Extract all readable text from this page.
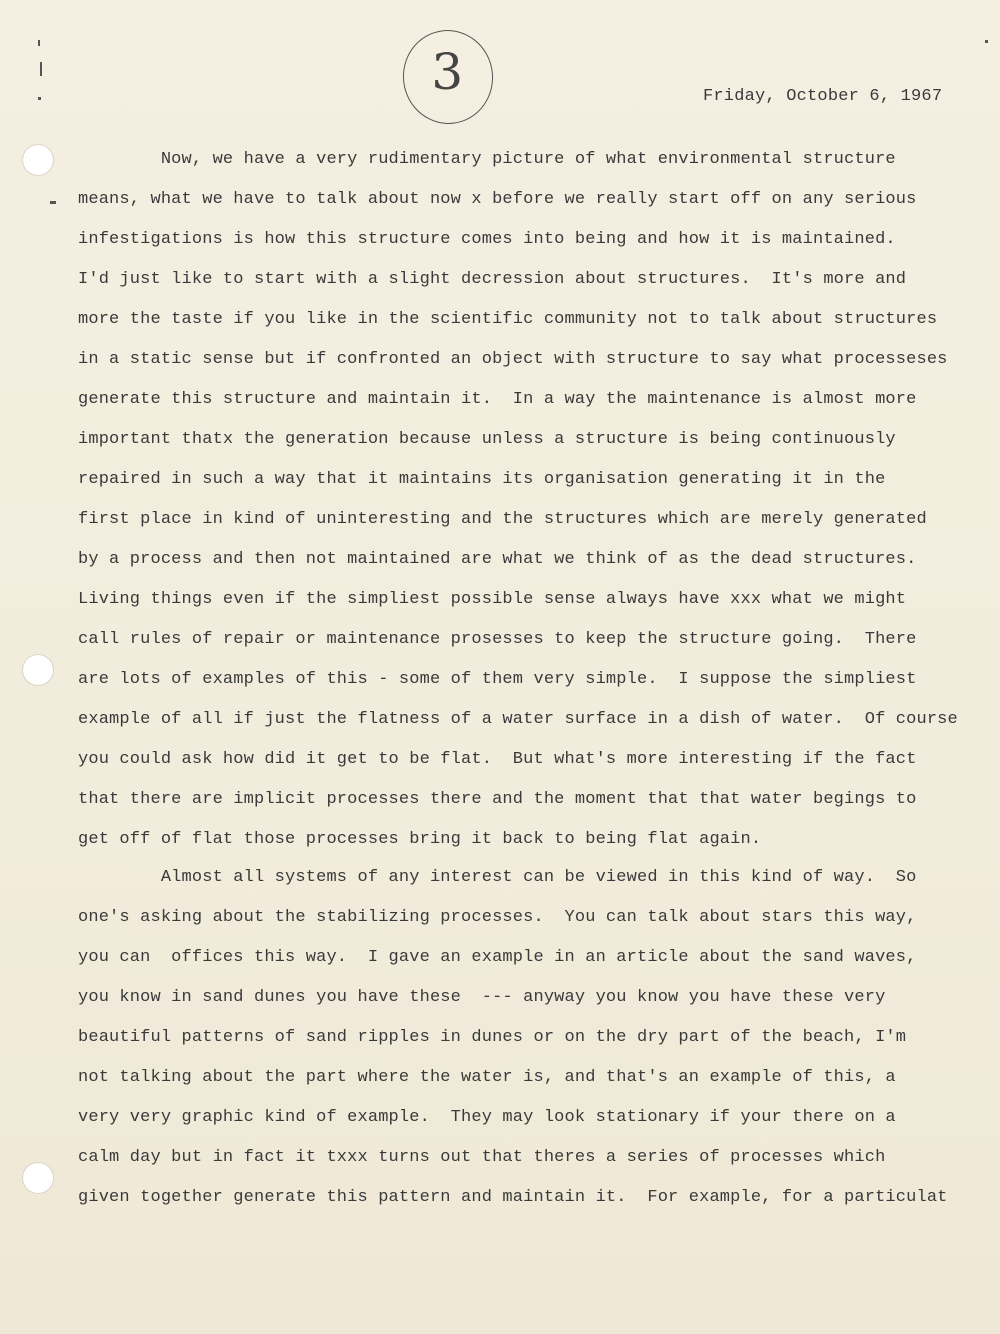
3	Friday, October 6, 1967
Now, we have a very rudimentary picture of what environmental structure
means, what we have to talk about now x before we really start off on any serious
infestigations is how this structure comes into being and how it is maintained.
I'd just like to start with a slight decression about structures.  It's more and
more the taste if you like in the scientific community not to talk about structures
in a static sense but if confronted an object with structure to say what processeses
generate this structure and maintain it.  In a way the maintenance is almost more
important thatx the generation because unless a structure is being continuously
repaired in such a way that it maintains its organisation generating it in the
first place in kind of uninteresting and the structures which are merely generated
by a process and then not maintained are what we think of as the dead structures.
Living things even if the simpliest possible sense always have xxx what we might
call rules of repair or maintenance prosesses to keep the structure going.  There
are lots of examples of this - some of them very simple.  I suppose the simpliest
example of all if just the flatness of a water surface in a dish of water.  Of course
you could ask how did it get to be flat.  But what's more interesting if the fact
that there are implicit processes there and the moment that that water begings to
get off of flat those processes bring it back to being flat again.
Almost all systems of any interest can be viewed in this kind of way.  So
one's asking about the stabilizing processes.  You can talk about stars this way,
you can  offices this way.  I gave an example in an article about the sand waves,
you know in sand dunes you have these  --- anyway you know you have these very
beautiful patterns of sand ripples in dunes or on the dry part of the beach, I'm
not talking about the part where the water is, and that's an example of this, a
very very graphic kind of example.  They may look stationary if your there on a
calm day but in fact it txxx turns out that theres a series of processes which
given together generate this pattern and maintain it.  For example, for a particulat
